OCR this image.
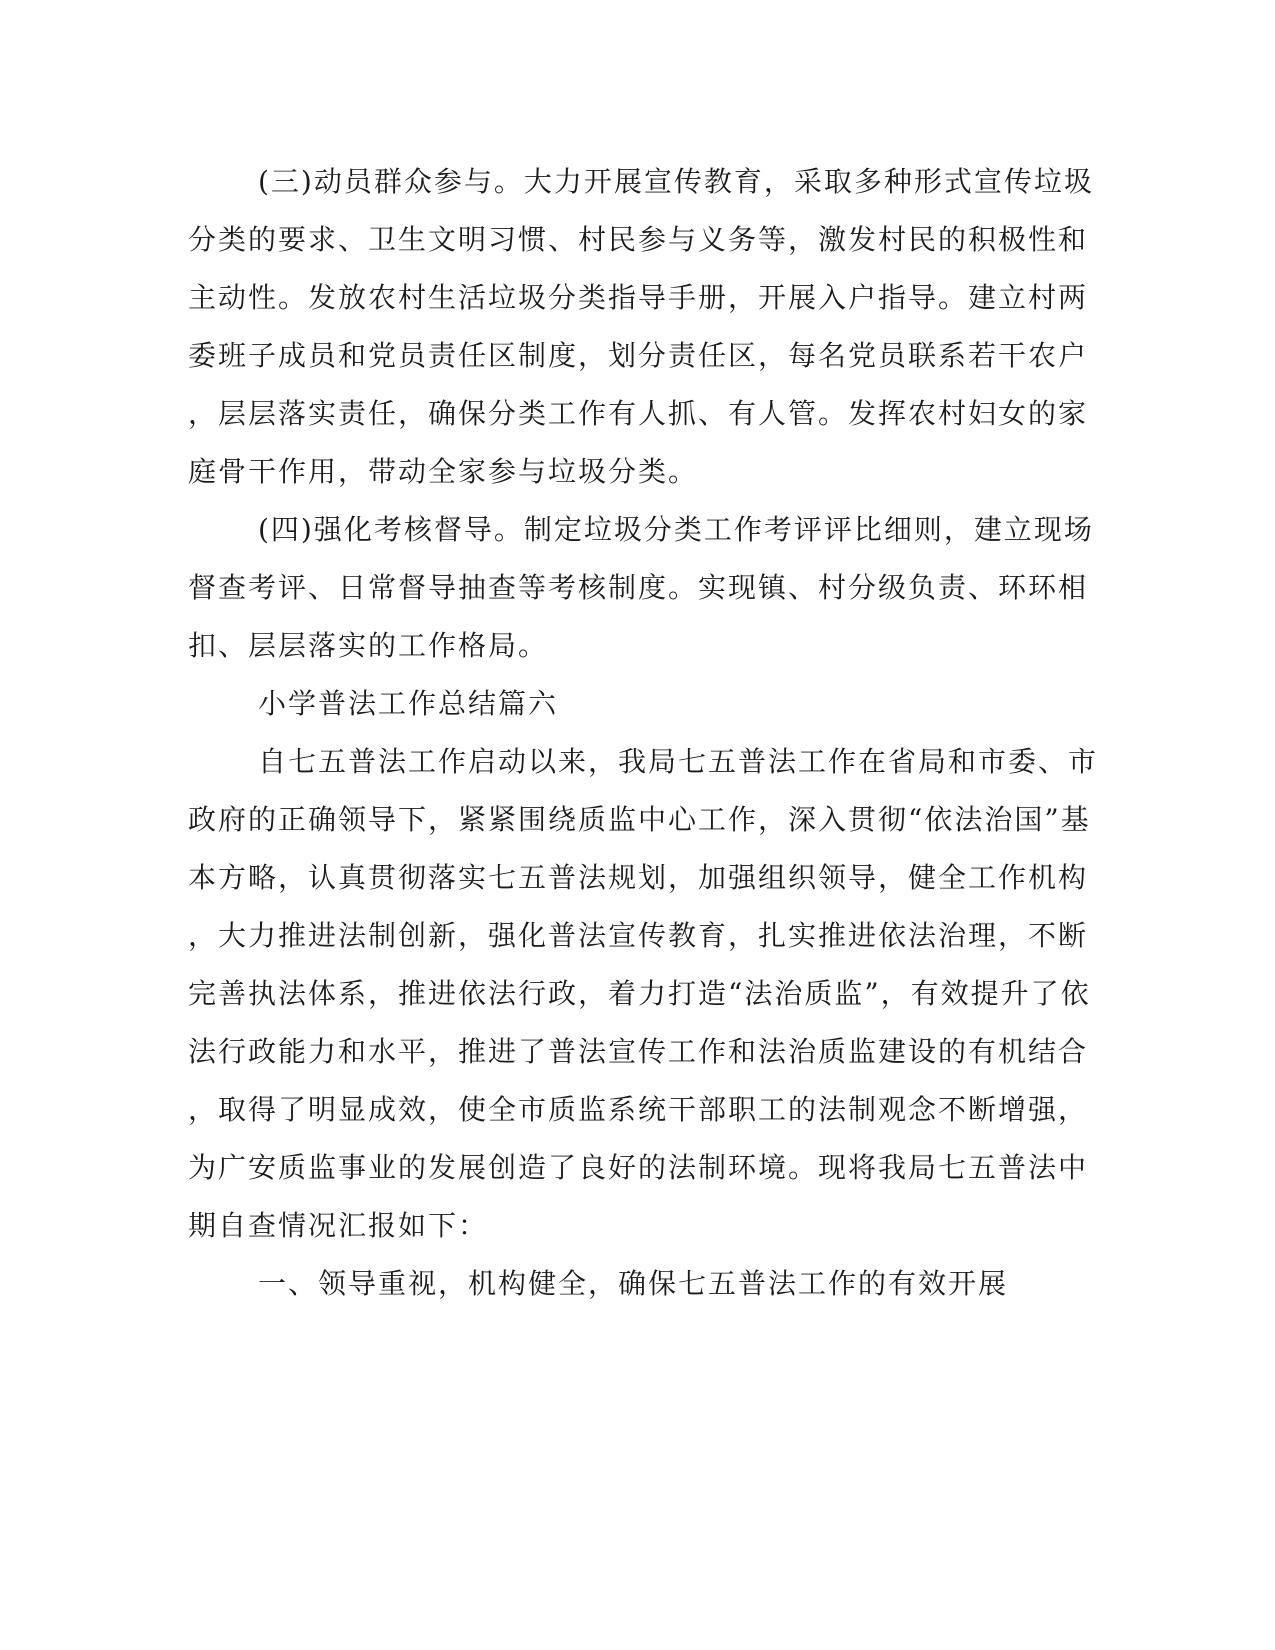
(三)动员群众参与。大力开展宣传教育，采取多种形式宣传垃圾
分类的要求、卫生文明习惯、村民参与义务等，激发村民的积极性和
主动性。发放农村生活垃圾分类指导手册，开展入户指导。建立村两
委班子成员和党员责任区制度，划分责任区，每名党员联系若干农户
，层层落实责任，确保分类工作有人抓、有人管。发挥农村妇女的家
庭骨干作用，带动全家参与垃圾分类。
(四)强化考核督导。制定垃圾分类工作考评评比细则，建立现场
督查考评、日常督导抽查等考核制度。实现镇、村分级负责、环环相
扣、层层落实的工作格局。
小学普法工作总结篇六
自七五普法工作启动以来，我局七五普法工作在省局和市委、市
政府的正确领导下，紧紧围绕质监中心工作，深入贯彻“依法治国”基
本方略，认真贯彻落实七五普法规划，加强组织领导，健全工作机构
，大力推进法制创新，强化普法宣传教育，扎实推进依法治理，不断
完善执法体系，推进依法行政，着力打造“法治质监”，有效提升了依
法行政能力和水平，推进了普法宣传工作和法治质监建设的有机结合
，取得了明显成效，使全市质监系统干部职工的法制观念不断增强，
为广安质监事业的发展创造了良好的法制环境。现将我局七五普法中
期自查情况汇报如下：
一、领导重视，机构健全，确保七五普法工作的有效开展
